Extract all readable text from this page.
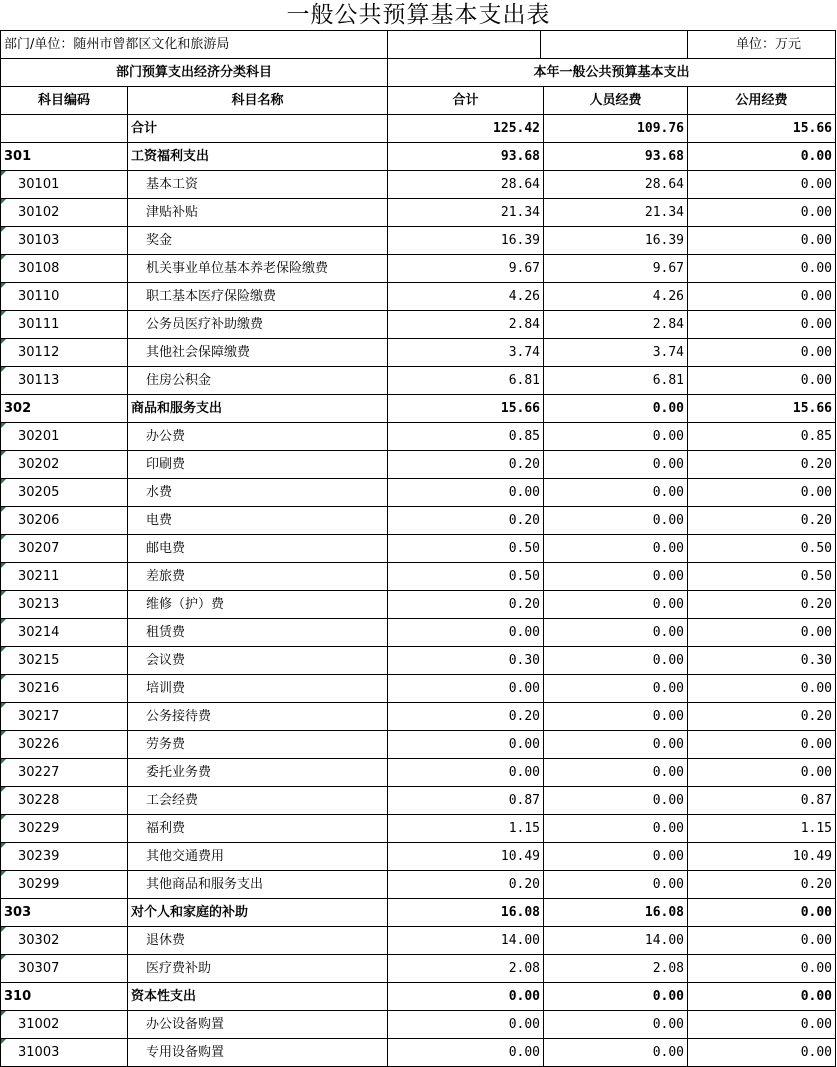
一般公共预算基本支出表
部门/单位：随州市曾都区文化和旅游局				单位：万元
部门预算支出经济分类科目		本年一般公共预算基本支出		
科目编码	科目名称	合计	人员经费	公用经费
	合计	125.42	109.76	15.66
301	工资福利支出	93.68	93.68	0.00

30101	基本工资	28.64	28.64	0.00

30102	津贴补贴	21.34	21.34	0.00

30103	奖金	16.39	16.39	0.00

30108	机关事业单位基本养老保险缴费	9.67	9.67	0.00

30110	职工基本医疗保险缴费	4.26	4.26	0.00

30111	公务员医疗补助缴费	2.84	2.84	0.00

30112	其他社会保障缴费	3.74	3.74	0.00

30113	住房公积金	6.81	6.81	0.00
302	商品和服务支出	15.66	0.00	15.66

30201	办公费	0.85	0.00	0.85

30202	印刷费	0.20	0.00	0.20

30205	水费	0.00	0.00	0.00

30206	电费	0.20	0.00	0.20

30207	邮电费	0.50	0.00	0.50

30211	差旅费	0.50	0.00	0.50

30213	维修（护）费	0.20	0.00	0.20

30214	租赁费	0.00	0.00	0.00

30215	会议费	0.30	0.00	0.30

30216	培训费	0.00	0.00	0.00

30217	公务接待费	0.20	0.00	0.20

30226	劳务费	0.00	0.00	0.00

30227	委托业务费	0.00	0.00	0.00

30228	工会经费	0.87	0.00	0.87

30229	福利费	1.15	0.00	1.15

30239	其他交通费用	10.49	0.00	10.49

30299	其他商品和服务支出	0.20	0.00	0.20
303	对个人和家庭的补助	16.08	16.08	0.00

30302	退休费	14.00	14.00	0.00

30307	医疗费补助	2.08	2.08	0.00
310	资本性支出	0.00	0.00	0.00

31002	办公设备购置	0.00	0.00	0.00

31003	专用设备购置	0.00	0.00	0.00
